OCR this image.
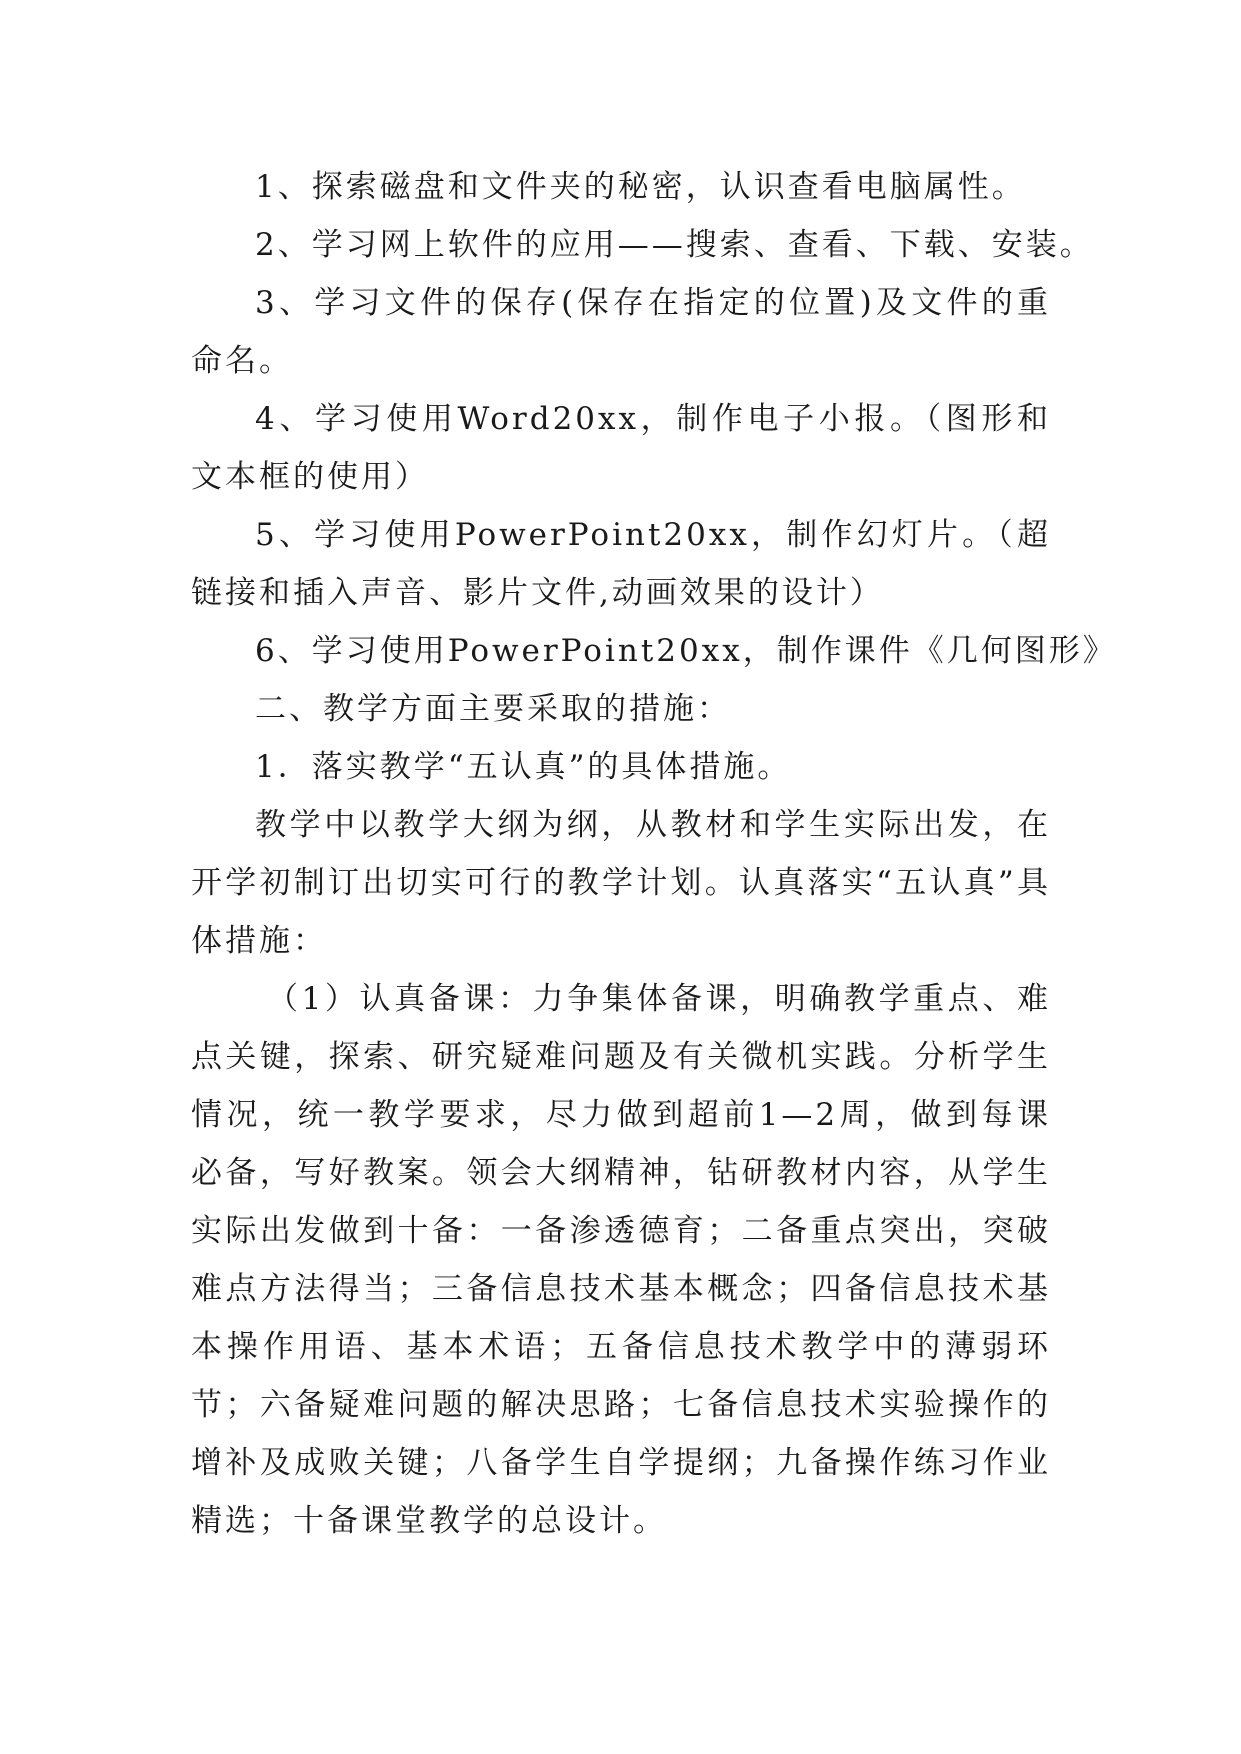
1、探索磁盘和文件夹的秘密，认识查看电脑属性。

2、学习网上软件的应用——搜索、查看、下载、安装。

3、学习文件的保存(保存在指定的位置)及文件的重命名。

4、学习使用Word20xx，制作电子小报。（图形和文本框的使用）

5、学习使用PowerPoint20xx，制作幻灯片。（超链接和插入声音、影片文件,动画效果的设计）

6、学习使用PowerPoint20xx，制作课件《几何图形》

二、教学方面主要采取的措施：

1．落实教学“五认真”的具体措施。

教学中以教学大纲为纲，从教材和学生实际出发，在开学初制订出切实可行的教学计划。认真落实“五认真”具体措施：

（1）认真备课：力争集体备课，明确教学重点、难点关键，探索、研究疑难问题及有关微机实践。分析学生情况，统一教学要求，尽力做到超前1—2周，做到每课必备，写好教案。领会大纲精神，钻研教材内容，从学生实际出发做到十备：一备渗透德育；二备重点突出，突破难点方法得当；三备信息技术基本概念；四备信息技术基本操作用语、基本术语；五备信息技术教学中的薄弱环节；六备疑难问题的解决思路；七备信息技术实验操作的增补及成败关键；八备学生自学提纲；九备操作练习作业精选；十备课堂教学的总设计。
